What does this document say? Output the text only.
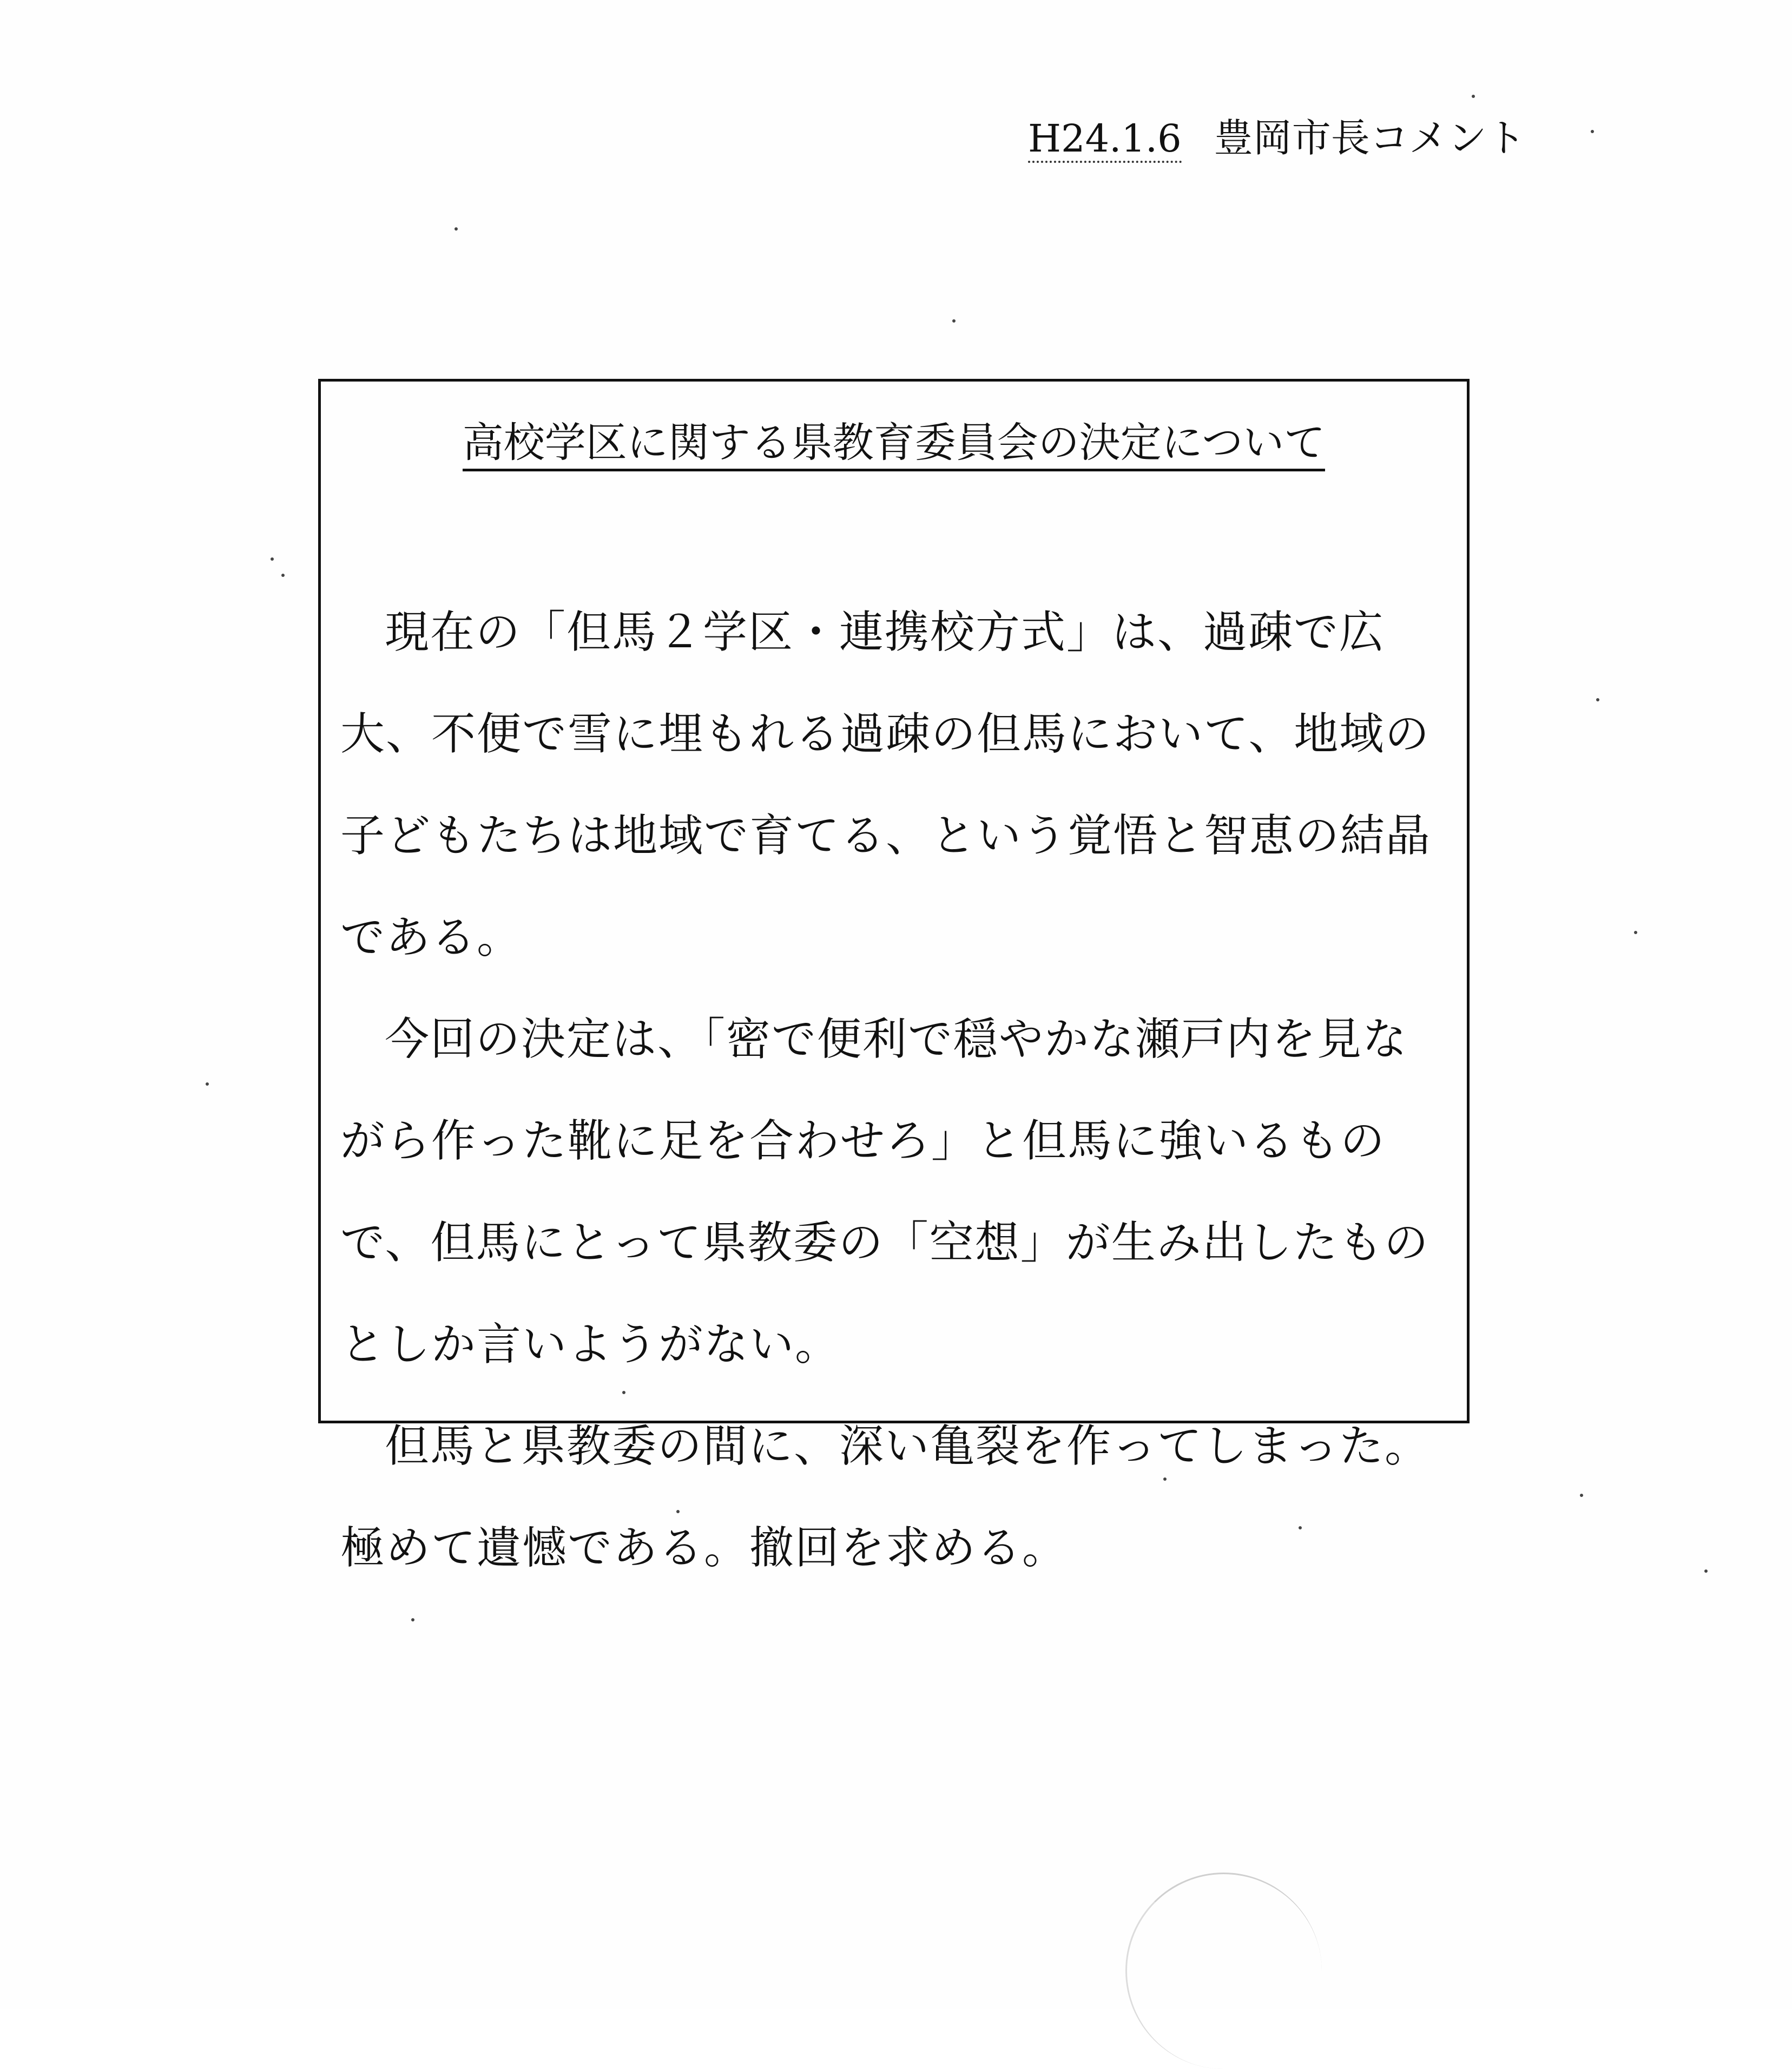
H24.1.6 豊岡市長コメント
高校学区に関する県教育委員会の決定について

現在の「但馬２学区・連携校方式」は、過疎で広大、不便で雪に埋もれる過疎の但馬において、地域の子どもたちは地域で育てる、という覚悟と智恵の結晶である。

今回の決定は、「密で便利で穏やかな瀬戸内を見ながら作った靴に足を合わせろ」と但馬に強いるもので、但馬にとって県教委の「空想」が生み出したものとしか言いようがない。

但馬と県教委の間に、深い亀裂を作ってしまった。極めて遺憾である。撤回を求める。
